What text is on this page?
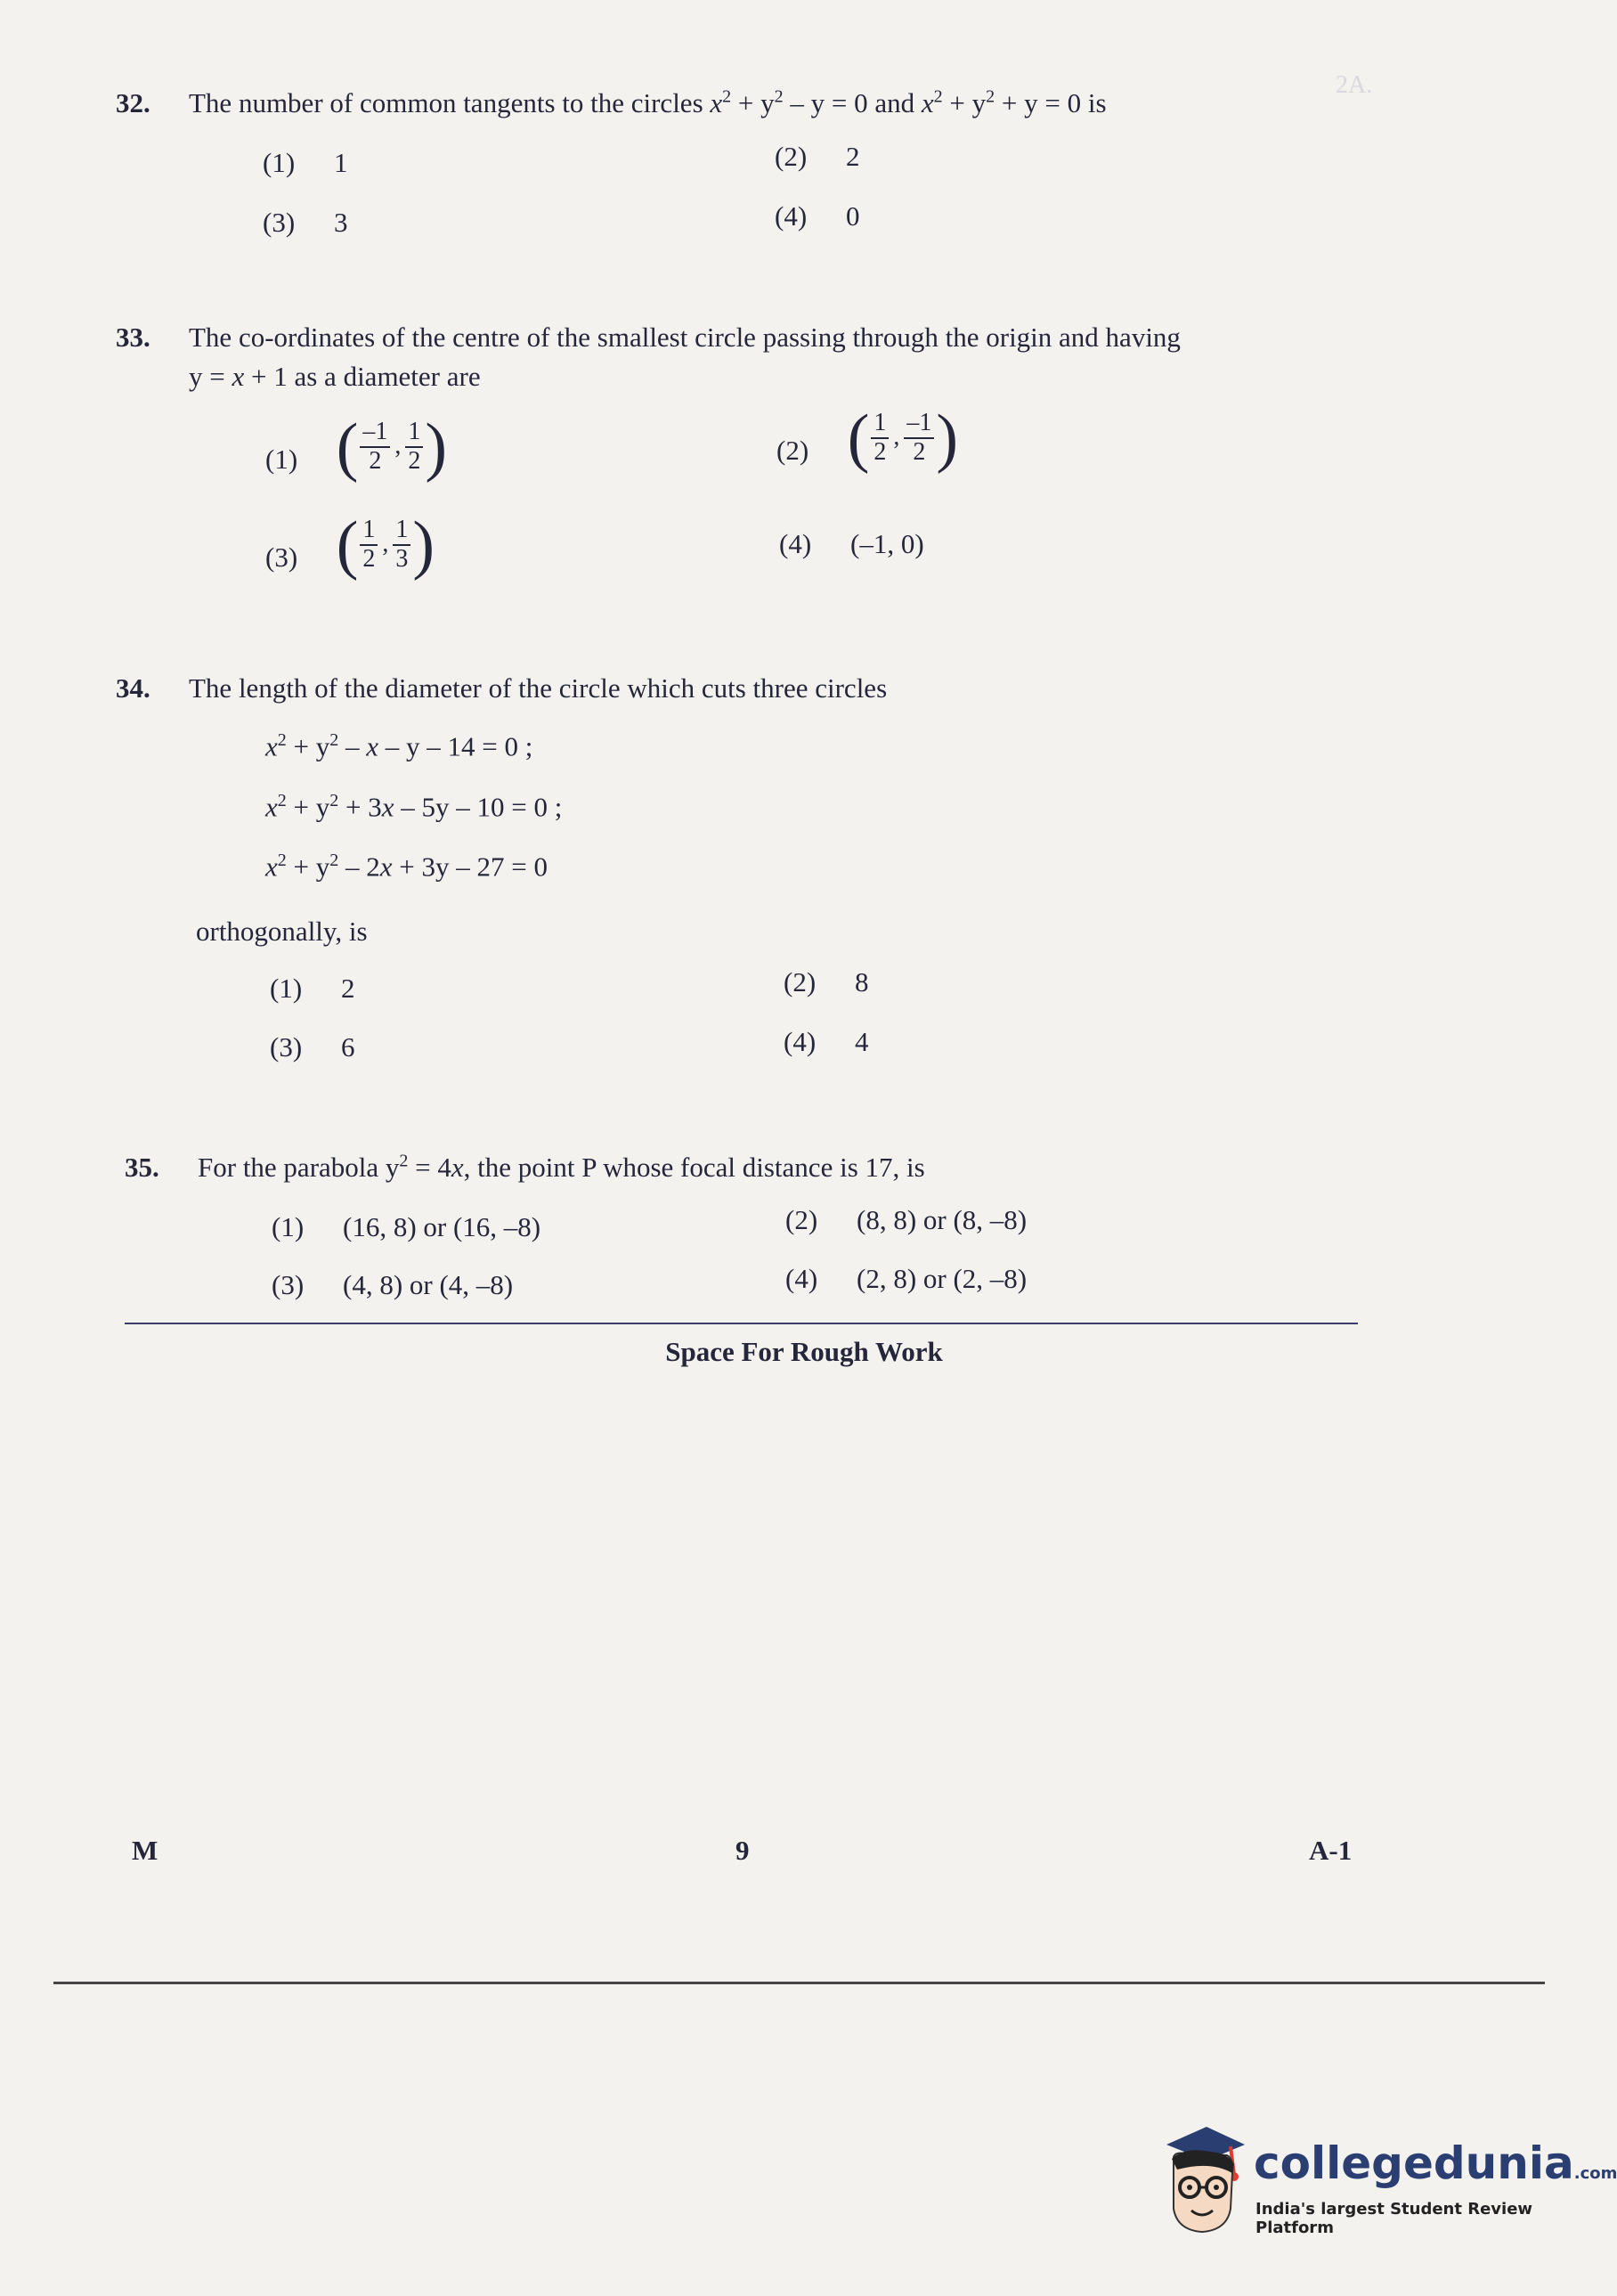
2A.
32. The number of common tangents to the circles $x^2 + y^2 - y = 0$ and $x^2 + y^2 + y = 0$ is
(1) 1	(2) 2
(3) 3	(4) 0
33. The co-ordinates of the centre of the smallest circle passing through the origin and having
y = x + 1 as a diameter are
(1) ( $\frac{-1}{2}$ , $\frac{1}{2}$ )	(2) ( $\frac{1}{2}$ , $\frac{-1}{2}$ )
(3) ( $\frac{1}{2}$ , $\frac{1}{3}$ )	(4) (–1, 0)
34. The length of the diameter of the circle which cuts three circles
$x^2 + y^2 - x - y - 14 = 0$ ;
$x^2 + y^2 + 3x - 5y - 10 = 0$ ;
$x^2 + y^2 - 2x + 3y - 27 = 0$
orthogonally, is
(1) 2	(2) 8
(3) 6	(4) 4
35. For the parabola $y^2 = 4x$, the point P whose focal distance is 17, is
(1) (16, 8) or (16, –8)	(2) (8, 8) or (8, –8)
(3) (4, 8) or (4, –8)	(4) (2, 8) or (2, –8)
Space For Rough Work
M	9	A-1
collegedunia.com
India's largest Student Review Platform
